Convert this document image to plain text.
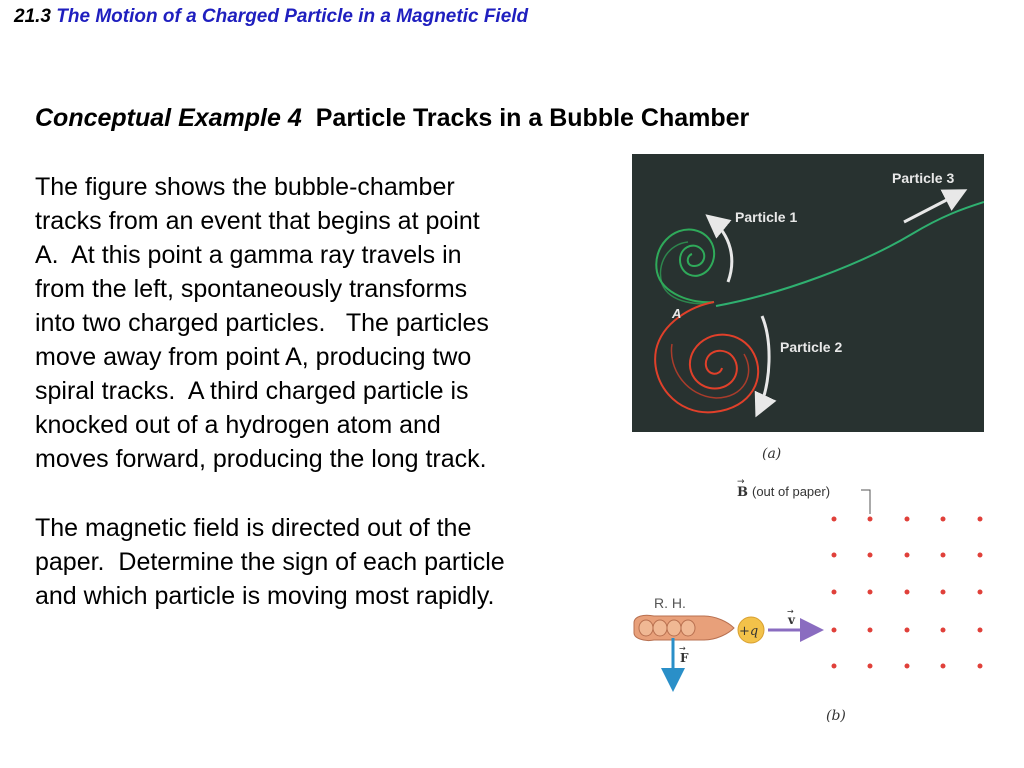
21.3 The Motion of a Charged Particle in a Magnetic Field
Conceptual Example 4 Particle Tracks in a Bubble Chamber

The figure shows the bubble-chamber
tracks from an event that begins at point
A.  At this point a gamma ray travels in
from the left, spontaneously transforms
into two charged particles.   The particles
move away from point A, producing two
spiral tracks.  A third charged particle is
knocked out of a hydrogen atom and
moves forward, producing the long track.

The magnetic field is directed out of the
paper.  Determine the sign of each particle
and which particle is moving most rapidly.

Particle 1
Particle 2
Particle 3
A
(a)
B
→
(out of paper)
R. H.
F
→
+q
v
→
(b)
